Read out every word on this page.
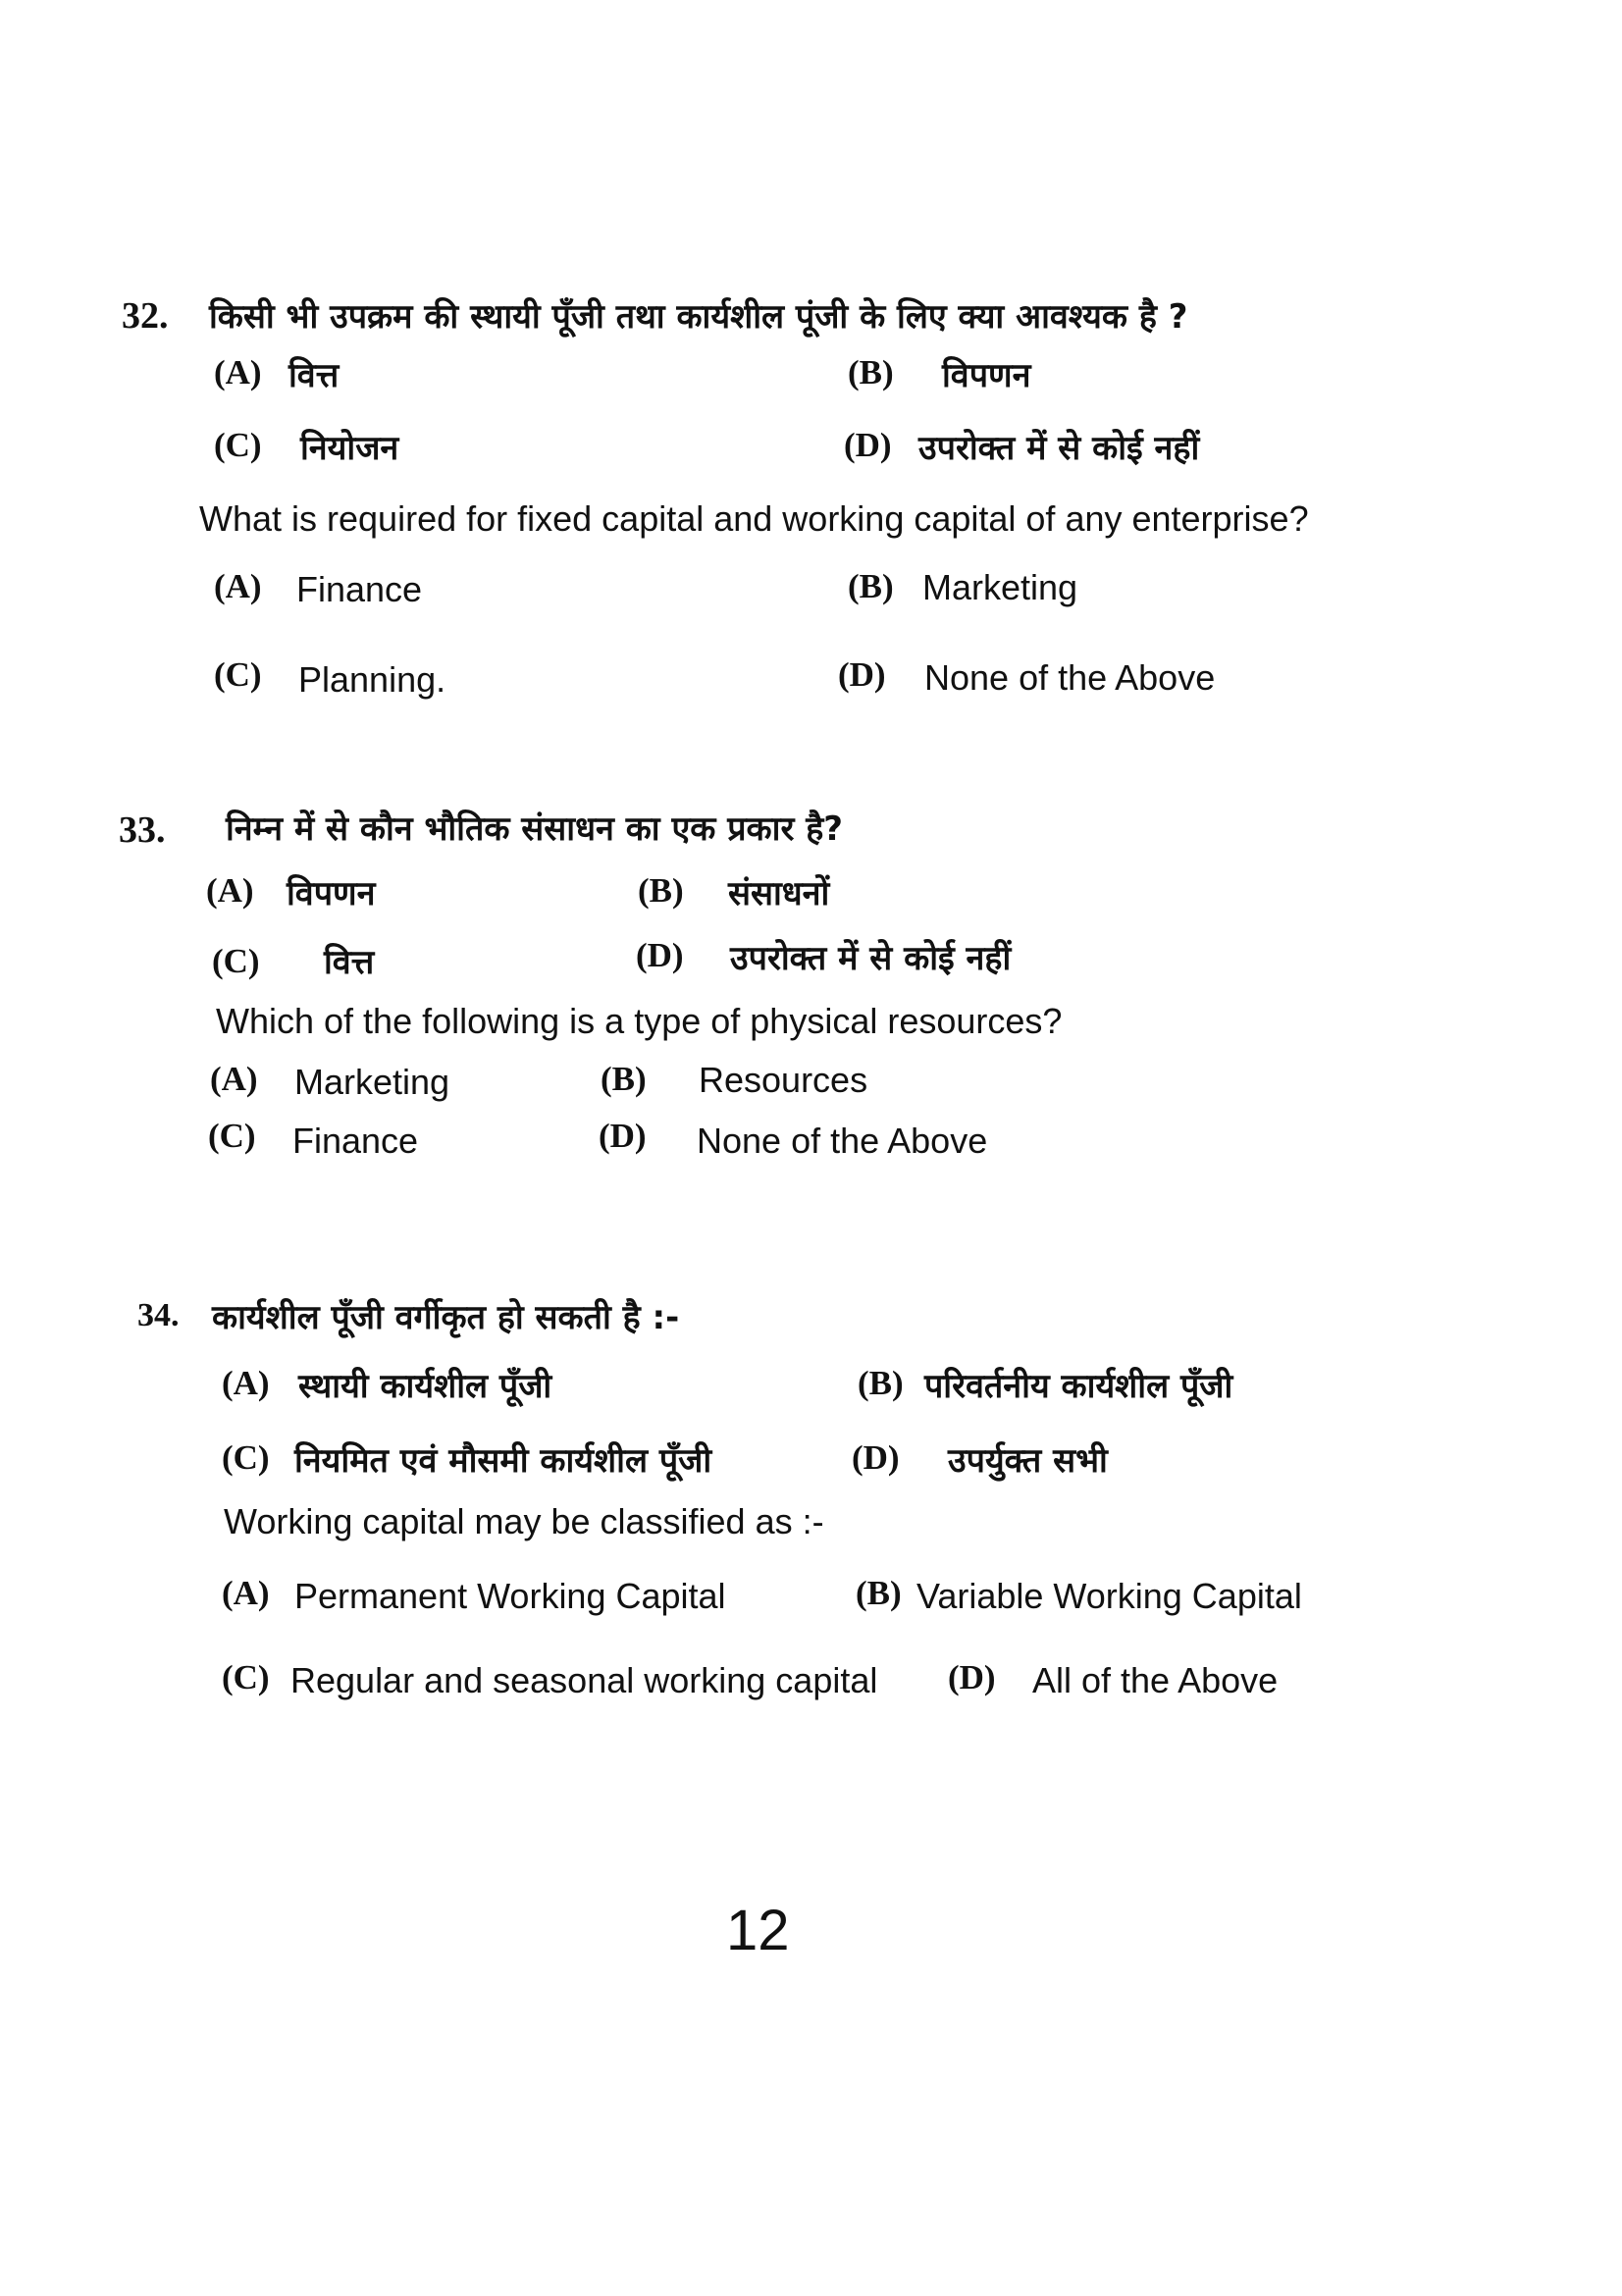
32. किसी भी उपक्रम की स्थायी पूँजी तथा कार्यशील पूंजी के लिए क्या आवश्यक है ?
(A) वित्त	(B) विपणन
(C) नियोजन	(D) उपरोक्त में से कोई नहीं
What is required for fixed capital and working capital of any enterprise?
(A) Finance	(B) Marketing
(C) Planning.	(D) None of the Above
33. निम्न में से कौन भौतिक संसाधन का एक प्रकार है?
(A) विपणन	(B) संसाधनों
(C) वित्त	(D) उपरोक्त में से कोई नहीं
Which of the following is a type of physical resources?
(A) Marketing	(B) Resources
(C) Finance	(D) None of the Above
34. कार्यशील पूँजी वर्गीकृत हो सकती है :-
(A) स्थायी कार्यशील पूँजी	(B) परिवर्तनीय कार्यशील पूँजी
(C) नियमित एवं मौसमी कार्यशील पूँजी	(D) उपर्युक्त सभी
Working capital may be classified as :-
(A) Permanent Working Capital	(B) Variable Working Capital
(C) Regular and seasonal working capital (D) All of the Above
12
